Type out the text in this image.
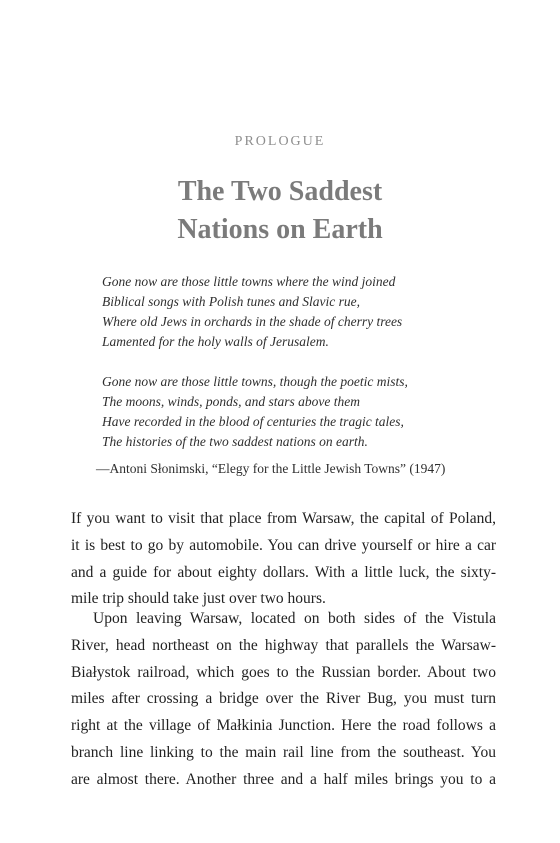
PROLOGUE
The Two Saddest
Nations on Earth
Gone now are those little towns where the wind joined
Biblical songs with Polish tunes and Slavic rue,
Where old Jews in orchards in the shade of cherry trees
Lamented for the holy walls of Jerusalem.
Gone now are those little towns, though the poetic mists,
The moons, winds, ponds, and stars above them
Have recorded in the blood of centuries the tragic tales,
The histories of the two saddest nations on earth.
—Antoni Słonimski, “Elegy for the Little Jewish Towns” (1947)
If you want to visit that place from Warsaw, the capital of Poland,
it is best to go by automobile. You can drive yourself or hire a car
and a guide for about eighty dollars. With a little luck, the sixty-
mile trip should take just over two hours.
Upon leaving Warsaw, located on both sides of the Vistula
River, head northeast on the highway that parallels the Warsaw-
Białystok railroad, which goes to the Russian border. About two
miles after crossing a bridge over the River Bug, you must turn
right at the village of Małkinia Junction. Here the road follows a
branch line linking to the main rail line from the southeast. You
are almost there. Another three and a half miles brings you to a
